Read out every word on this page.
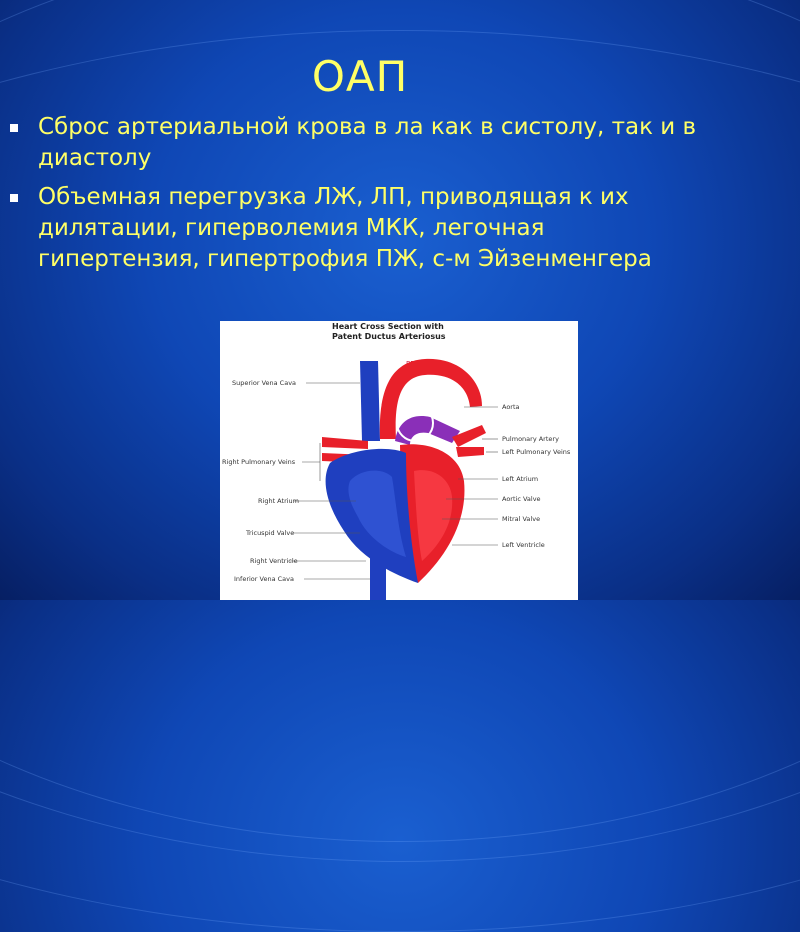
ОАП
Сброс артериальной крова в ла как в систолу, так и в диастолу
Объемная перегрузка ЛЖ, ЛП, приводящая к их дилятации, гиперволемия МКК, легочная гипертензия, гипертрофия ПЖ, с-м Эйзенменгера
Heart Cross Section with
Patent Ductus Arteriosus
Superior Vena Cava
Right Pulmonary Veins
Right Atrium
Tricuspid Valve
Right Ventricle
Inferior Vena Cava
Aorta
Pulmonary Artery
Left Pulmonary Veins
Left Atrium
Aortic Valve
Mitral Valve
Left Ventricle
